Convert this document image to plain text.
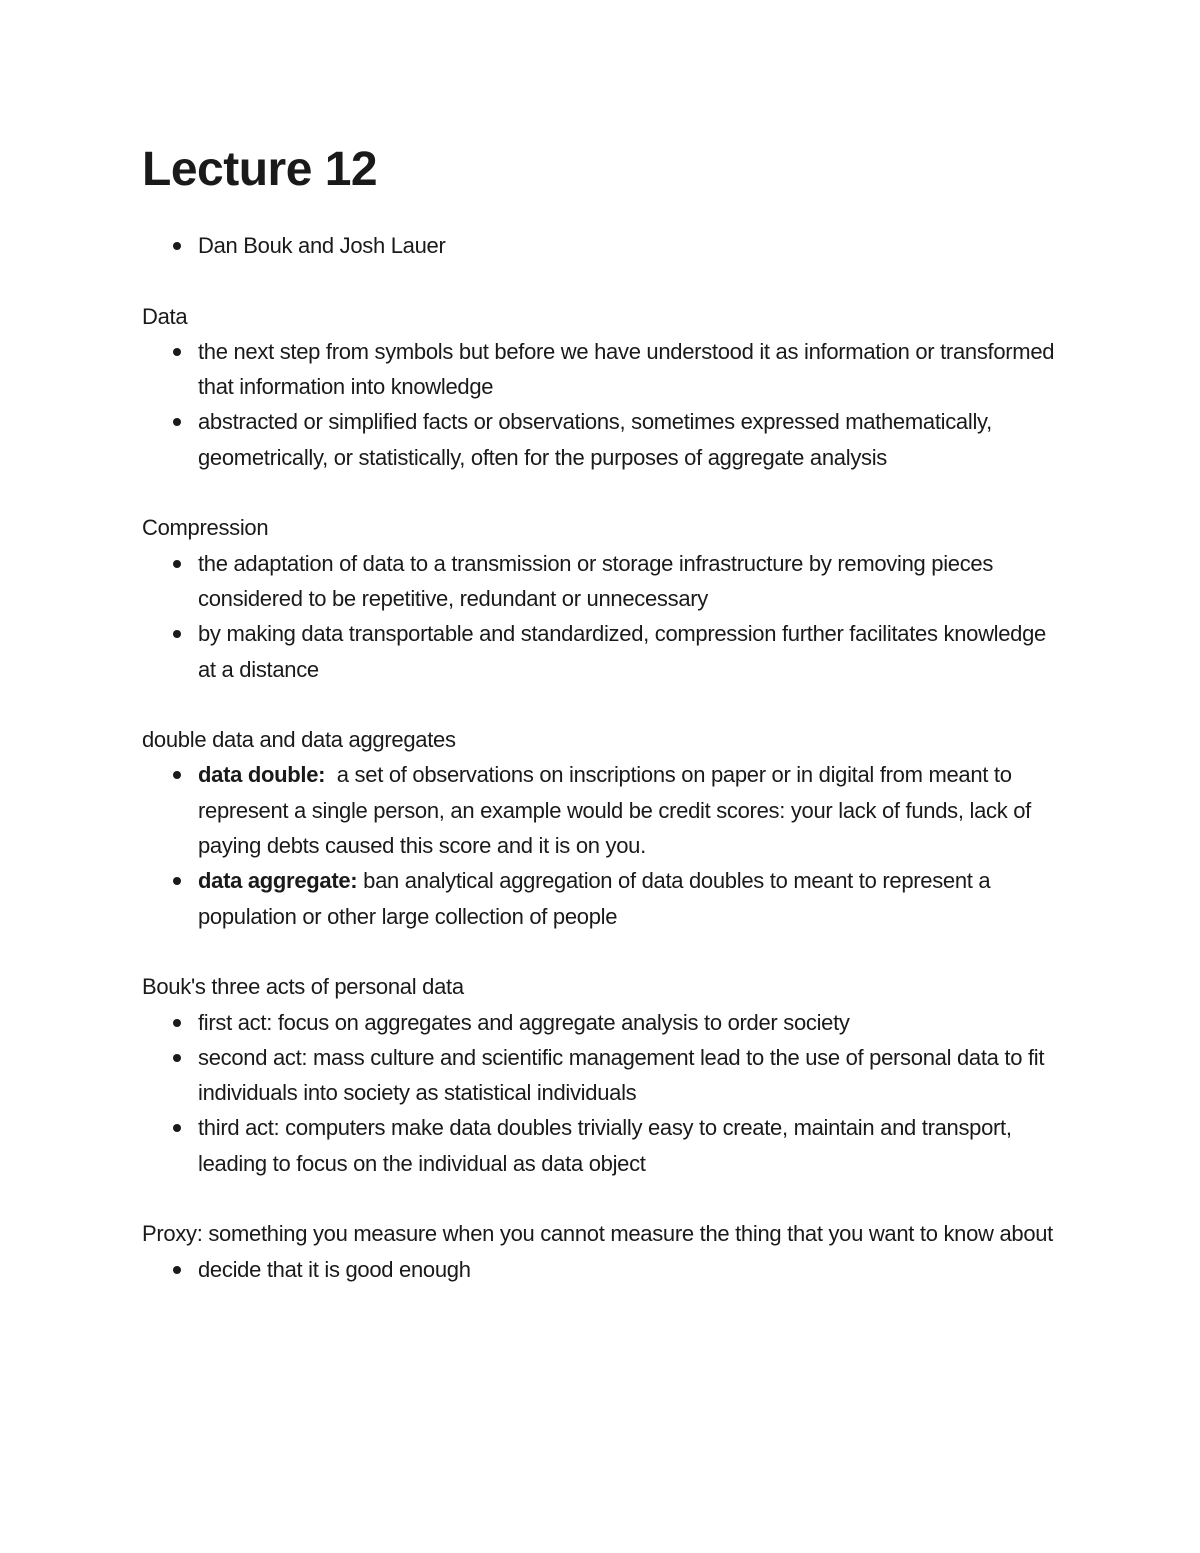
Lecture 12
Dan Bouk and Josh Lauer

Data

the next step from symbols but before we have understood it as information or transformed that information into knowledge
abstracted or simplified facts or observations, sometimes expressed mathematically, geometrically, or statistically, often for the purposes of aggregate analysis

Compression

the adaptation of data to a transmission or storage infrastructure by removing pieces considered to be repetitive, redundant or unnecessary
by making data transportable and standardized, compression further facilitates knowledge at a distance

double data and data aggregates

data double:  a set of observations on inscriptions on paper or in digital from meant to represent a single person, an example would be credit scores: your lack of funds, lack of paying debts caused this score and it is on you.
data aggregate: ban analytical aggregation of data doubles to meant to represent a population or other large collection of people

Bouk's three acts of personal data

first act: focus on aggregates and aggregate analysis to order society
second act: mass culture and scientific management lead to the use of personal data to fit individuals into society as statistical individuals
third act: computers make data doubles trivially easy to create, maintain and transport, leading to focus on the individual as data object

Proxy: something you measure when you cannot measure the thing that you want to know about

decide that it is good enough
